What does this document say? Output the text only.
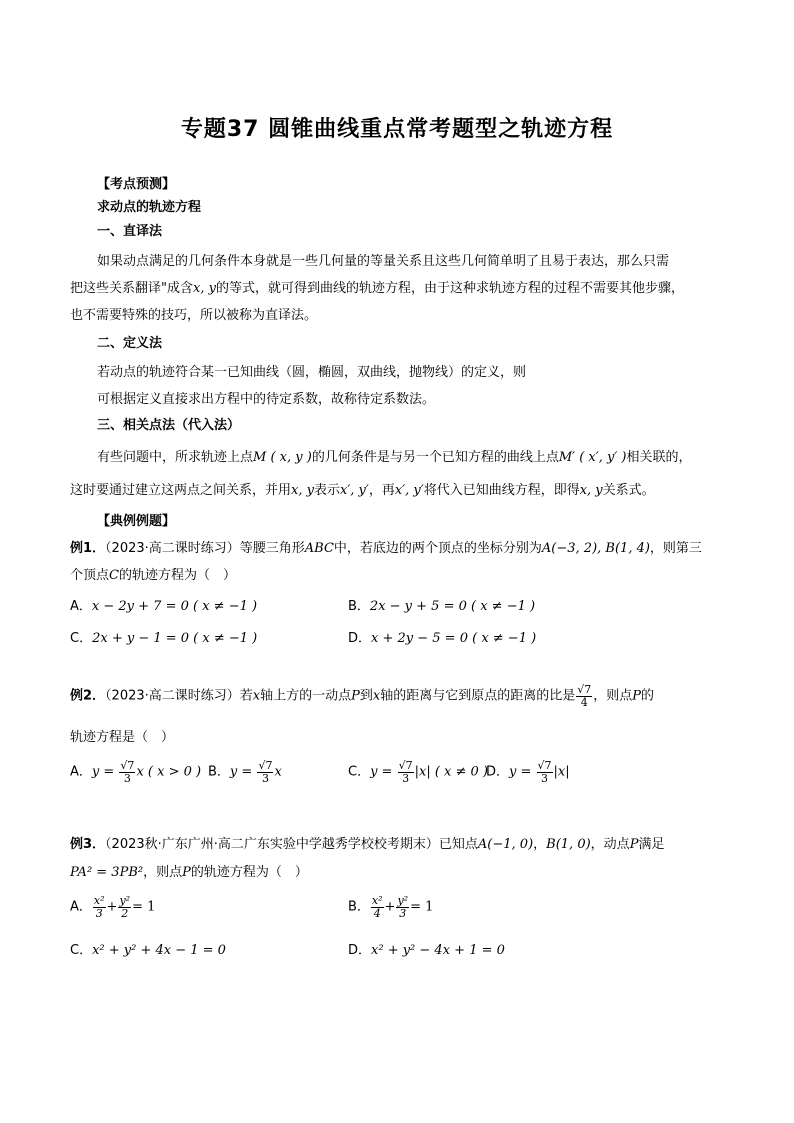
专题37 圆锥曲线重点常考题型之轨迹方程
【考点预测】
求动点的轨迹方程
一、直译法
如果动点满足的几何条件本身就是一些几何量的等量关系且这些几何简单明了且易于表达，那么只需
把这些关系翻译"成含x, y的等式，就可得到曲线的轨迹方程，由于这种求轨迹方程的过程不需要其他步骤，
也不需要特殊的技巧，所以被称为直译法。
二、定义法
若动点的轨迹符合某一已知曲线（圆，椭圆，双曲线，抛物线）的定义，则
可根据定义直接求出方程中的待定系数，故称待定系数法。
三、相关点法（代入法）
有些问题中，所求轨迹上点M ( x, y )的几何条件是与另一个已知方程的曲线上点M′ ( x′, y′ )相关联的，
这时要通过建立这两点之间关系，并用x, y表示x′, y′，再x′, y′将代入已知曲线方程，即得x, y关系式。
【典例例题】
例1．（2023·高二课时练习）等腰三角形ABC中，若底边的两个顶点的坐标分别为A(−3, 2), B(1, 4)，则第三
个顶点C的轨迹方程为（　）
A．x − 2y + 7 = 0 ( x ≠ −1 )	B．2x − y + 5 = 0 ( x ≠ −1 )
C．2x + y − 1 = 0 ( x ≠ −1 )	D．x + 2y − 5 = 0 ( x ≠ −1 )
例2．（2023·高二课时练习）若x轴上方的一动点P到x轴的距离与它到原点的距离的比是 $\frac{√7}{4}$ ，则点P的
轨迹方程是（　）
A．$y = \frac{√7}{3}$ x ( x > 0 ) B．$y = \frac{√7}{3}$ x	C．$y = \frac{√7}{3} |x|$ ( x ≠ 0 )
D．$y = \frac{√7}{3} |x|$
例3．（2023秋·广东广州·高二广东实验中学越秀学校校考期末）已知点A(−1, 0)，B(1, 0)，动点P满足
PA² = 3PB²，则点P的轨迹方程为（　）
A． $\frac{\text{x²}}{3} + \frac{\text{y²}}{2} = 1$	B． $\frac{\text{x²}}{4} + \frac{\text{y²}}{3} = 1$
C．x² + y² + 4x − 1 = 0	D．x² + y² − 4x + 1 = 0
